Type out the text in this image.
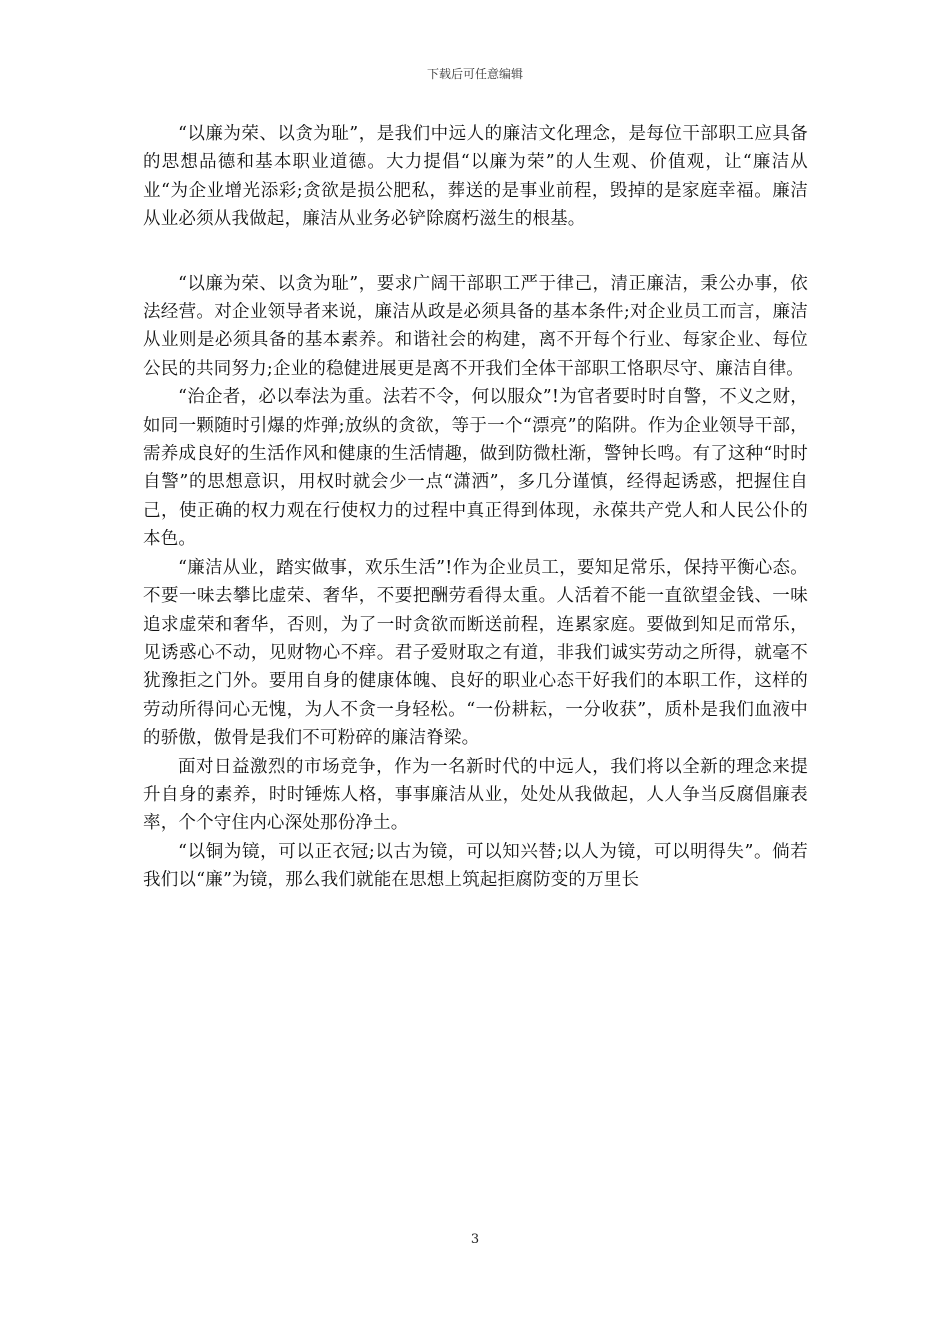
下载后可任意编辑

“以廉为荣、以贪为耻”，是我们中远人的廉洁文化理念，是每位干部职工应具备的思想品德和基本职业道德。大力提倡“以廉为荣”的人生观、价值观，让“廉洁从业“为企业增光添彩;贪欲是损公肥私，葬送的是事业前程，毁掉的是家庭幸福。廉洁从业必须从我做起，廉洁从业务必铲除腐朽滋生的根基。

“以廉为荣、以贪为耻”，要求广阔干部职工严于律己，清正廉洁，秉公办事，依法经营。对企业领导者来说，廉洁从政是必须具备的基本条件;对企业员工而言，廉洁从业则是必须具备的基本素养。和谐社会的构建，离不开每个行业、每家企业、每位公民的共同努力;企业的稳健进展更是离不开我们全体干部职工恪职尽守、廉洁自律。

“治企者，必以奉法为重。法若不令，何以服众”!为官者要时时自警，不义之财，如同一颗随时引爆的炸弹;放纵的贪欲，等于一个“漂亮”的陷阱。作为企业领导干部，需养成良好的生活作风和健康的生活情趣，做到防微杜渐，警钟长鸣。有了这种“时时自警”的思想意识，用权时就会少一点“潇洒”，多几分谨慎，经得起诱惑，把握住自己，使正确的权力观在行使权力的过程中真正得到体现，永葆共产党人和人民公仆的本色。

“廉洁从业，踏实做事，欢乐生活”!作为企业员工，要知足常乐，保持平衡心态。不要一味去攀比虚荣、奢华，不要把酬劳看得太重。人活着不能一直欲望金钱、一味追求虚荣和奢华，否则，为了一时贪欲而断送前程，连累家庭。要做到知足而常乐，见诱惑心不动，见财物心不痒。君子爱财取之有道，非我们诚实劳动之所得，就毫不犹豫拒之门外。要用自身的健康体魄、良好的职业心态干好我们的本职工作，这样的劳动所得问心无愧，为人不贪一身轻松。“一份耕耘，一分收获”，质朴是我们血液中的骄傲，傲骨是我们不可粉碎的廉洁脊梁。

面对日益激烈的市场竞争，作为一名新时代的中远人，我们将以全新的理念来提升自身的素养，时时锤炼人格，事事廉洁从业，处处从我做起，人人争当反腐倡廉表率，个个守住内心深处那份净土。

“以铜为镜，可以正衣冠;以古为镜，可以知兴替;以人为镜，可以明得失”。倘若我们以“廉”为镜，那么我们就能在思想上筑起拒腐防变的万里长

3
